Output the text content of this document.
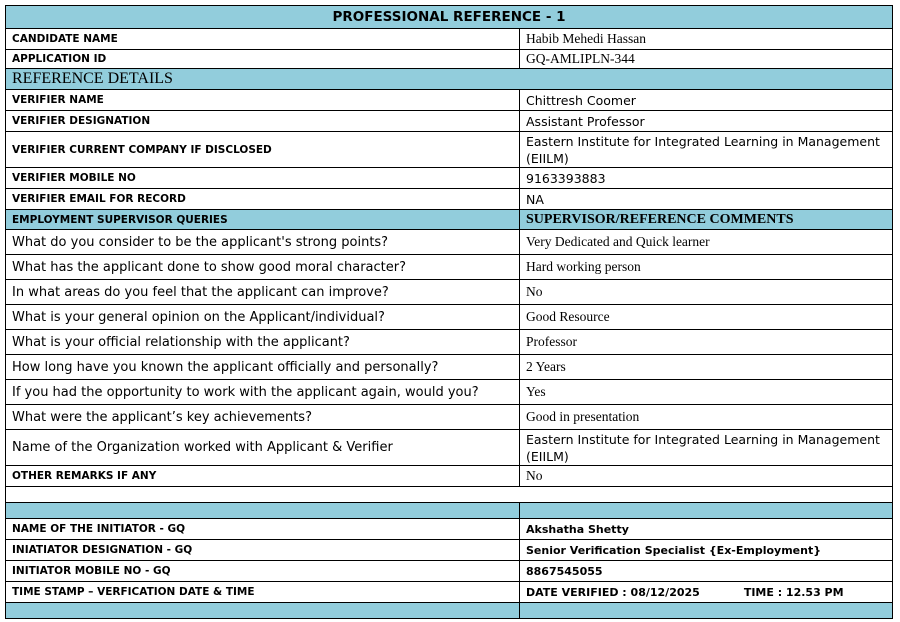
PROFESSIONAL REFERENCE - 1	
CANDIDATE NAME	Habib Mehedi Hassan
APPLICATION ID	GQ-AMLIPLN-344
REFERENCE DETAILS	
VERIFIER NAME	Chittresh Coomer
VERIFIER DESIGNATION	Assistant Professor
VERIFIER CURRENT COMPANY IF DISCLOSED	Eastern Institute for Integrated Learning in Management (EIILM)
VERIFIER MOBILE NO	9163393883
VERIFIER EMAIL FOR RECORD	NA
EMPLOYMENT SUPERVISOR QUERIES	SUPERVISOR/REFERENCE COMMENTS
What do you consider to be the applicant's strong points?	Very Dedicated and Quick learner
What has the applicant done to show good moral character?	Hard working person
In what areas do you feel that the applicant can improve?	No
What is your general opinion on the Applicant/individual?	Good Resource
What is your official relationship with the applicant?	Professor
How long have you known the applicant officially and personally?	2 Years
If you had the opportunity to work with the applicant again, would you?	Yes
What were the applicant’s key achievements?	Good in presentation
Name of the Organization worked with Applicant & Verifier	Eastern Institute for Integrated Learning in Management (EIILM)
OTHER REMARKS IF ANY	No

NAME OF THE INITIATOR - GQ	Akshatha Shetty
INIATIATOR DESIGNATION - GQ	Senior Verification Specialist {Ex-Employment}
INITIATOR MOBILE NO - GQ	8867545055
TIME STAMP – VERFICATION DATE & TIME	DATE VERIFIED : 08/12/2025 TIME : 12.53 PM
